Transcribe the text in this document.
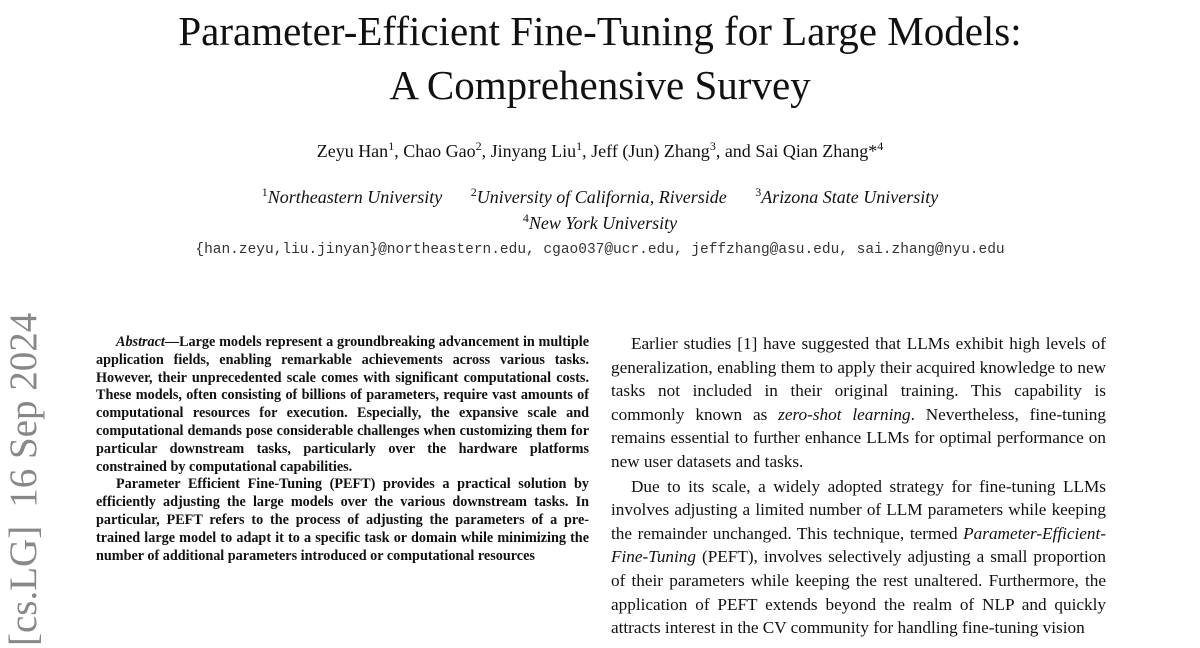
Parameter-Efficient Fine-Tuning for Large Models:
A Comprehensive Survey
Zeyu Han$^1$, Chao Gao$^2$, Jinyang Liu$^1$, Jeff (Jun) Zhang$^3$, and Sai Qian Zhang*$^4$
$^1$Northeastern University $^2$University of California, Riverside $^3$Arizona State University
$^4$New York University
{han.zeyu,liu.jinyan}@northeastern.edu, cgao037@ucr.edu, jeffzhang@asu.edu, sai.zhang@nyu.edu
[cs.LG]16 Sep 2024	Abstract—Large models represent a groundbreaking advancement in multiple application fields, enabling remarkable achievements across various tasks. However, their unprecedented scale comes with significant computational costs. These models, often consisting of billions of parameters, require vast amounts of computational resources for execution. Especially, the expansive scale and computational demands pose considerable challenges when customizing them for particular downstream tasks, particularly over the hardware platforms constrained by computational capabilities.

Parameter Efficient Fine-Tuning (PEFT) provides a practical solution by efficiently adjusting the large models over the various downstream tasks. In particular, PEFT refers to the process of adjusting the parameters of a pre-trained large model to adapt it to a specific task or domain while minimizing the number of additional parameters introduced or computational resources

Earlier studies [1] have suggested that LLMs exhibit high levels of generalization, enabling them to apply their acquired knowledge to new tasks not included in their original training. This capability is commonly known as zero-shot learning. Nevertheless, fine-tuning remains essential to further enhance LLMs for optimal performance on new user datasets and tasks.

Due to its scale, a widely adopted strategy for fine-tuning LLMs involves adjusting a limited number of LLM parameters while keeping the remainder unchanged. This technique, termed Parameter-Efficient-Fine-Tuning (PEFT), involves selectively adjusting a small proportion of their parameters while keeping the rest unaltered. Furthermore, the application of PEFT extends beyond the realm of NLP and quickly attracts interest in the CV community for handling fine-tuning vision
